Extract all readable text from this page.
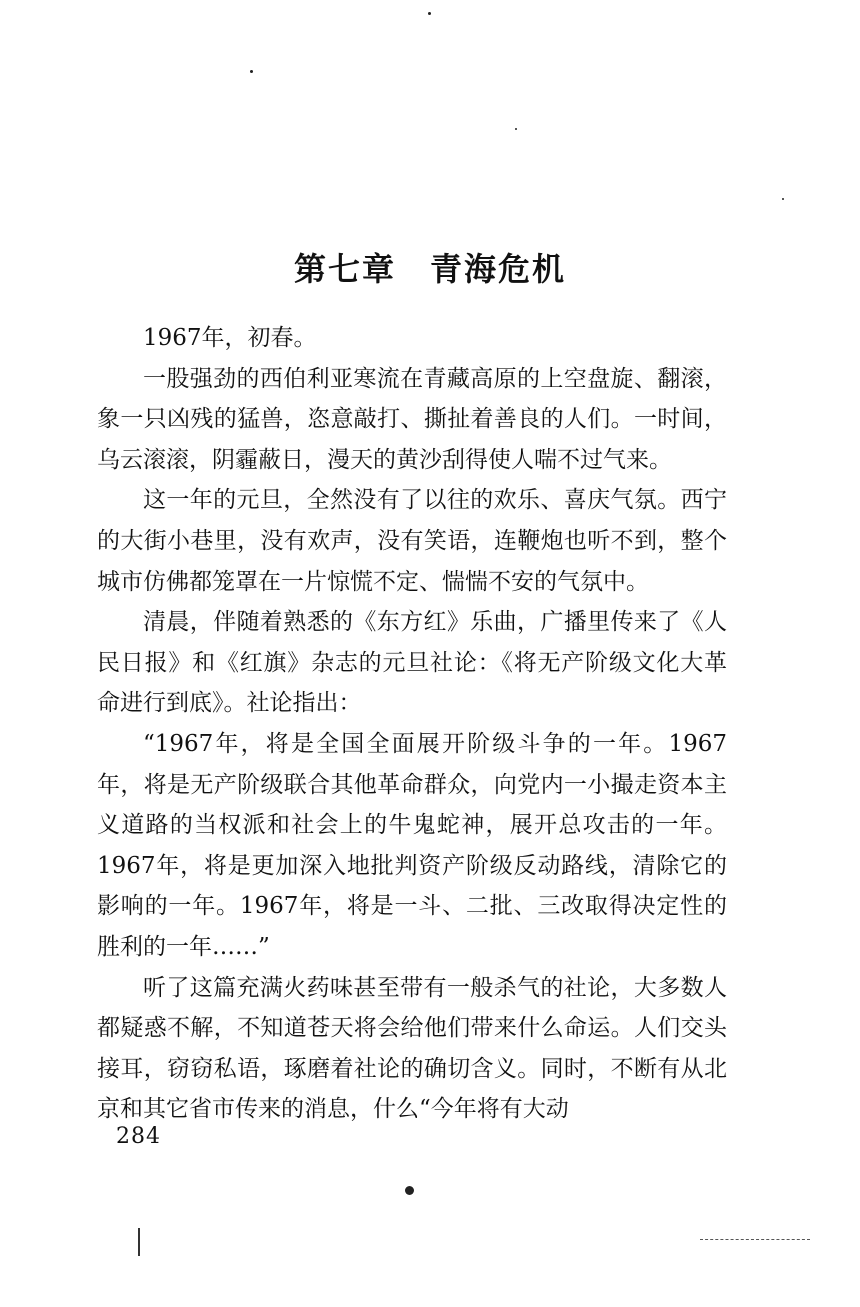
第七章 青海危机

1967年，初春。

一股强劲的西伯利亚寒流在青藏高原的上空盘旋、翻滚，象一只凶残的猛兽，恣意敲打、撕扯着善良的人们。一时间，乌云滚滚，阴霾蔽日，漫天的黄沙刮得使人喘不过气来。

这一年的元旦，全然没有了以往的欢乐、喜庆气氛。西宁的大街小巷里，没有欢声，没有笑语，连鞭炮也听不到，整个城市仿佛都笼罩在一片惊慌不定、惴惴不安的气氛中。

清晨，伴随着熟悉的《东方红》乐曲，广播里传来了《人民日报》和《红旗》杂志的元旦社论：《将无产阶级文化大革命进行到底》。社论指出：

“1967年，将是全国全面展开阶级斗争的一年。1967年，将是无产阶级联合其他革命群众，向党内一小撮走资本主义道路的当权派和社会上的牛鬼蛇神，展开总攻击的一年。1967年，将是更加深入地批判资产阶级反动路线，清除它的影响的一年。1967年，将是一斗、二批、三改取得决定性的胜利的一年……”

听了这篇充满火药味甚至带有一般杀气的社论，大多数人都疑惑不解，不知道苍天将会给他们带来什么命运。人们交头接耳，窃窃私语，琢磨着社论的确切含义。同时，不断有从北京和其它省市传来的消息，什么“今年将有大动

284
